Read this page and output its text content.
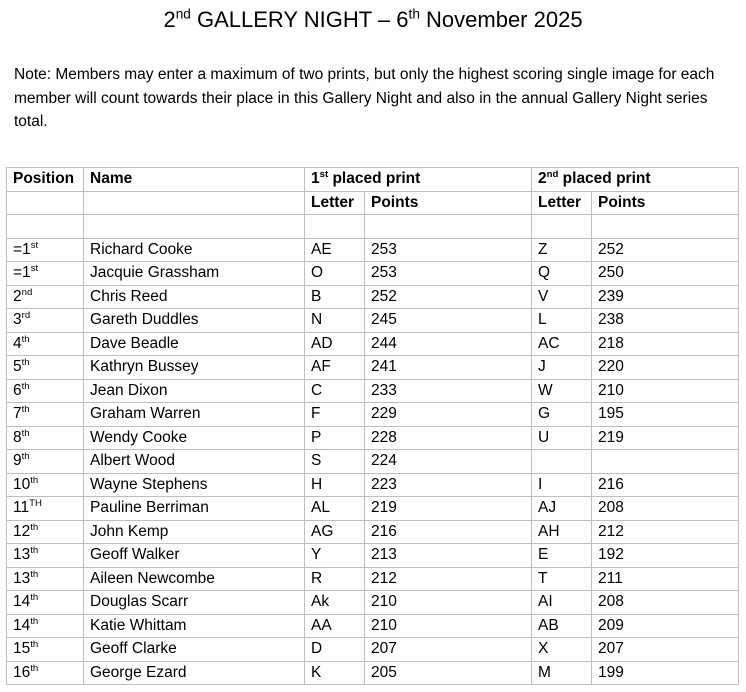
2nd GALLERY NIGHT – 6th November 2025
Note: Members may enter a maximum of two prints, but only the highest scoring single image for each member will count towards their place in this Gallery Night and also in the annual Gallery Night series total.
Position	Name	1st placed print		2nd placed print	
		Letter	Points	Letter	Points

=1st	Richard Cooke	AE	253	Z	252
=1st	Jacquie Grassham	O	253	Q	250
2nd	Chris Reed	B	252	V	239
3rd	Gareth Duddles	N	245	L	238
4th	Dave Beadle	AD	244	AC	218
5th	Kathryn Bussey	AF	241	J	220
6th	Jean Dixon	C	233	W	210
7th	Graham Warren	F	229	G	195
8th	Wendy Cooke	P	228	U	219
9th	Albert Wood	S	224		
10th	Wayne Stephens	H	223	I	216
11TH	Pauline Berriman	AL	219	AJ	208
12th	John Kemp	AG	216	AH	212
13th	Geoff Walker	Y	213	E	192
13th	Aileen Newcombe	R	212	T	211
14th	Douglas Scarr	Ak	210	AI	208
14th	Katie Whittam	AA	210	AB	209
15th	Geoff Clarke	D	207	X	207
16th	George Ezard	K	205	M	199
